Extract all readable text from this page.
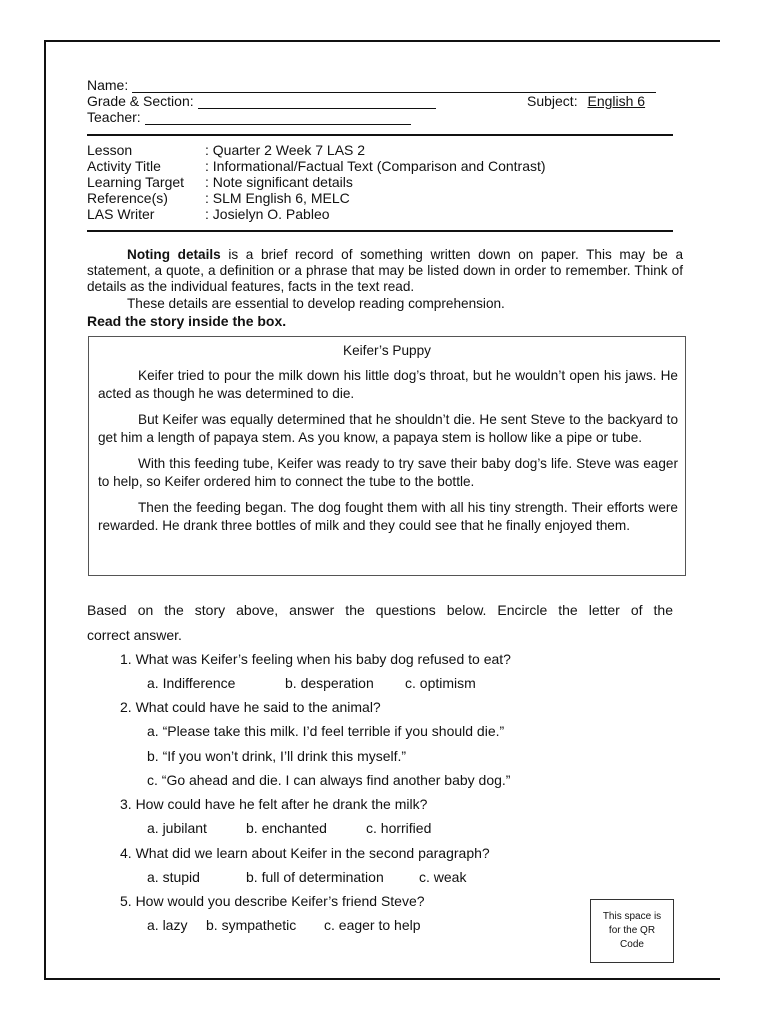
Name:
Grade & Section:	Subject: English 6
Teacher:
Lesson	: Quarter 2 Week 7 LAS 2
Activity Title	: Informational/Factual Text (Comparison and Contrast)
Learning Target : Note significant details
Reference(s)	: SLM English 6, MELC
LAS Writer	: Josielyn O. Pableo

Noting details is a brief record of something written down on paper. This may be a statement, a quote, a definition or a phrase that may be listed down in order to remember. Think of details as the individual features, facts in the text read.

These details are essential to develop reading comprehension.

Read the story inside the box.

Keifer’s Puppy

Keifer tried to pour the milk down his little dog’s throat, but he wouldn’t open his jaws. He acted as though he was determined to die.

But Keifer was equally determined that he shouldn’t die. He sent Steve to the backyard to get him a length of papaya stem. As you know, a papaya stem is hollow like a pipe or tube.

With this feeding tube, Keifer was ready to try save their baby dog’s life. Steve was eager to help, so Keifer ordered him to connect the tube to the bottle.

Then the feeding began. The dog fought them with all his tiny strength. Their efforts were rewarded. He drank three bottles of milk and they could see that he finally enjoyed them.

Based on the story above, answer the questions below. Encircle the letter of the
correct answer.
1. What was Keifer’s feeling when his baby dog refused to eat?
a. Indifference	b. desperation c. optimism
2. What could have he said to the animal?
a. “Please take this milk. I’d feel terrible if you should die.”
b. “If you won’t drink, I’ll drink this myself.”
c. “Go ahead and die. I can always find another baby dog.”
3. How could have he felt after he drank the milk?
a. jubilant	b. enchanted	c. horrified
4. What did we learn about Keifer in the second paragraph?
a. stupid	b. full of determination	c. weak
5. How would you describe Keifer’s friend Steve?
a. lazy b. sympathetic c. eager to help
This space is
for the QR
Code
